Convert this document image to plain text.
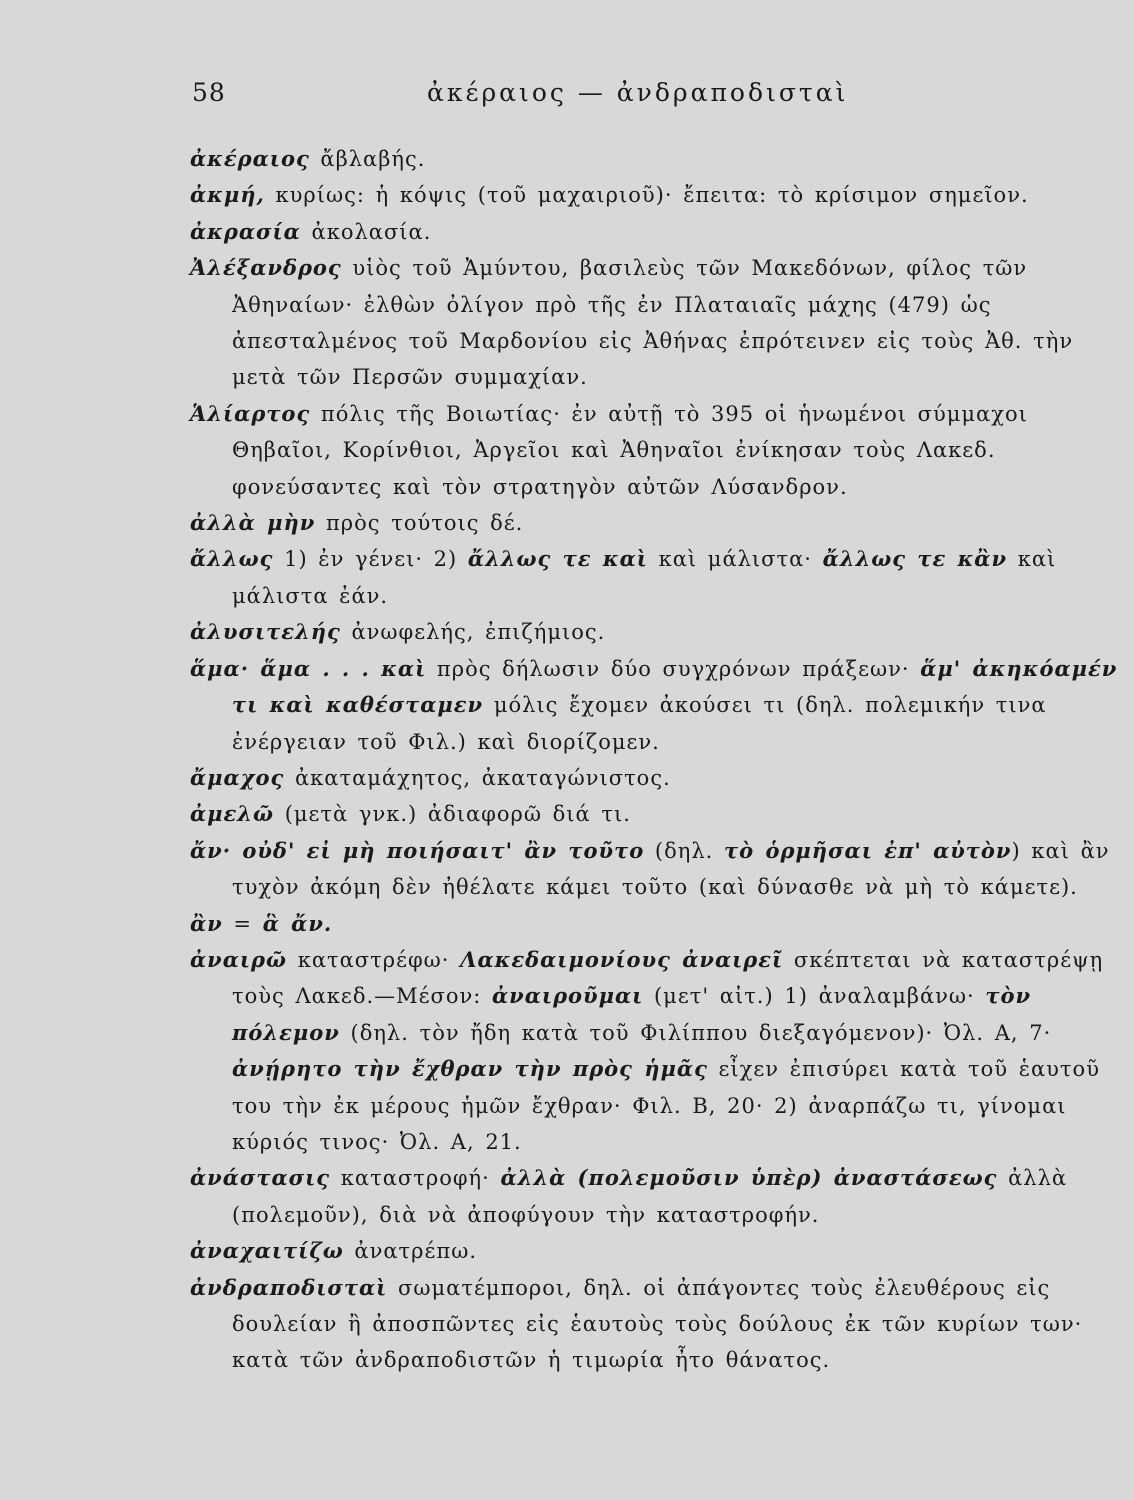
58	ἀκέραιος — ἀνδραποδισταὶ

ἀκέραιος ἄβλαβής.

ἀκμή, κυρίως: ἡ κόψις (τοῦ μαχαιριοῦ)· ἔπειτα: τὸ κρίσιμον σημεῖον.

ἀκρασία ἀκολασία.

Ἀλέξανδρος υἱὸς τοῦ Ἀμύντου, βασιλεὺς τῶν Μακεδόνων, φίλος τῶν Ἀθηναίων· ἐλθὼν ὀλίγον πρὸ τῆς ἐν Πλαταιαῖς μάχης (479) ὡς ἀπεσταλμένος τοῦ Μαρδονίου εἰς Ἀθήνας ἐπρότεινεν εἰς τοὺς Ἀθ. τὴν μετὰ τῶν Περσῶν συμμαχίαν.

Ἁλίαρτος πόλις τῆς Βοιωτίας· ἐν αὐτῇ τὸ 395 οἱ ἡνωμένοι σύμμαχοι Θηβαῖοι, Κορίνθιοι, Ἀργεῖοι καὶ Ἀθηναῖοι ἐνίκησαν τοὺς Λακεδ. φονεύσαντες καὶ τὸν στρατηγὸν αὐτῶν Λύσανδρον.

ἀλλὰ μὴν πρὸς τούτοις δέ.

ἄλλως 1) ἐν γένει· 2) ἄλλως τε καὶ καὶ μάλιστα· ἄλλως τε κἂν καὶ μάλιστα ἐάν.

ἀλυσιτελής ἀνωφελής, ἐπιζήμιος.

ἅμα· ἅμα . . . καὶ πρὸς δήλωσιν δύο συγχρόνων πράξεων· ἅμ' ἀκηκόαμέν τι καὶ καθέσταμεν μόλις ἔχομεν ἀκούσει τι (δηλ. πολεμικήν τινα ἐνέργειαν τοῦ Φιλ.) καὶ διορίζομεν.

ἄμαχος ἀκαταμάχητος, ἀκαταγώνιστος.

ἀμελῶ (μετὰ γνκ.) ἀδιαφορῶ διά τι.

ἄν· οὐδ' εἰ μὴ ποιήσαιτ' ἂν τοῦτο (δηλ. τὸ ὁρμῆσαι ἐπ' αὐτὸν) καὶ ἂν τυχὸν ἀκόμη δὲν ἠθέλατε κάμει τοῦτο (καὶ δύνασθε νὰ μὴ τὸ κάμετε).

ἂν = ἃ ἄν.

ἀναιρῶ καταστρέφω· Λακεδαιμονίους ἀναιρεῖ σκέπτεται νὰ καταστρέψῃ τοὺς Λακεδ.—Μέσον: ἀναιροῦμαι (μετ' αἰτ.) 1) ἀναλαμβάνω· τὸν πόλεμον (δηλ. τὸν ἤδη κατὰ τοῦ Φιλίππου διεξαγόμενον)· Ὀλ. Α, 7· ἀνῄρητο τὴν ἔχθραν τὴν πρὸς ἡμᾶς εἶχεν ἐπισύρει κατὰ τοῦ ἑαυτοῦ του τὴν ἐκ μέρους ἡμῶν ἔχθραν· Φιλ. Β, 20· 2) ἀναρπάζω τι, γίνομαι κύριός τινος· Ὀλ. Α, 21.

ἀνάστασις καταστροφή· ἀλλὰ (πολεμοῦσιν ὑπὲρ) ἀναστάσεως ἀλλὰ (πολεμοῦν), διὰ νὰ ἀποφύγουν τὴν καταστροφήν.

ἀναχαιτίζω ἀνατρέπω.

ἀνδραποδισταὶ σωματέμποροι, δηλ. οἱ ἀπάγοντες τοὺς ἐλευθέρους εἰς δουλείαν ἢ ἀποσπῶντες εἰς ἑαυτοὺς τοὺς δούλους ἐκ τῶν κυρίων των· κατὰ τῶν ἀνδραποδιστῶν ἡ τιμωρία ἦτο θάνατος.
